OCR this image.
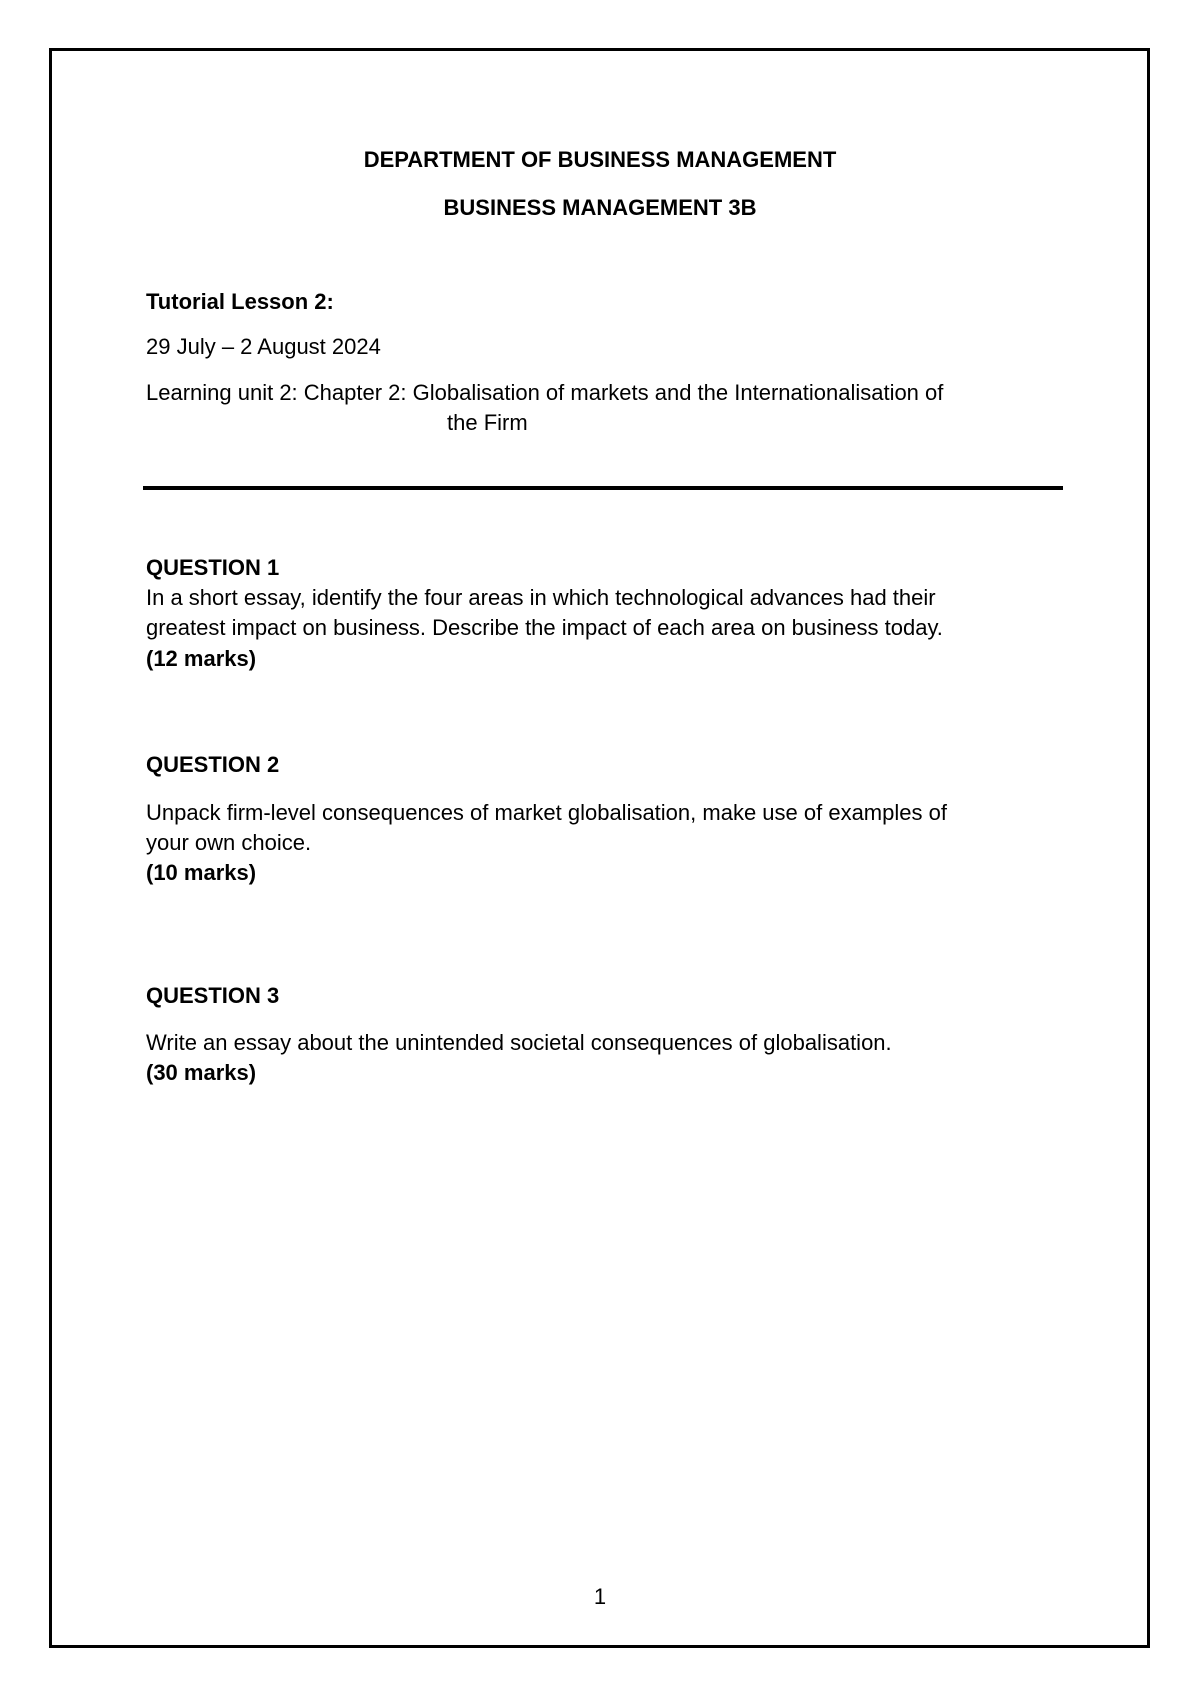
DEPARTMENT OF BUSINESS MANAGEMENT
BUSINESS MANAGEMENT 3B
Tutorial Lesson 2:
29 July – 2 August 2024
Learning unit 2: Chapter 2: Globalisation of markets and the Internationalisation of
the Firm
QUESTION 1
In a short essay, identify the four areas in which technological advances had their
greatest impact on business. Describe the impact of each area on business today.
(12 marks)
QUESTION 2
Unpack firm-level consequences of market globalisation, make use of examples of
your own choice.
(10 marks)
QUESTION 3
Write an essay about the unintended societal consequences of globalisation.
(30 marks)
1
